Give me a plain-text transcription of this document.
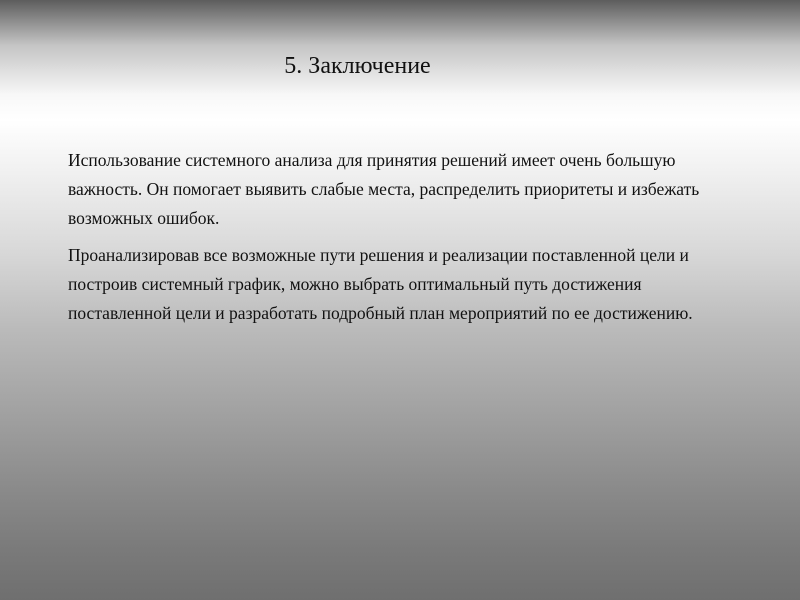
5. Заключение

Использование системного анализа для принятия решений имеет очень большую важность. Он помогает выявить слабые места, распределить приоритеты и избежать возможных ошибок.

Проанализировав все возможные пути решения и реализации поставленной цели и построив системный график, можно выбрать оптимальный путь достижения поставленной цели и разработать подробный план мероприятий по ее достижению.
